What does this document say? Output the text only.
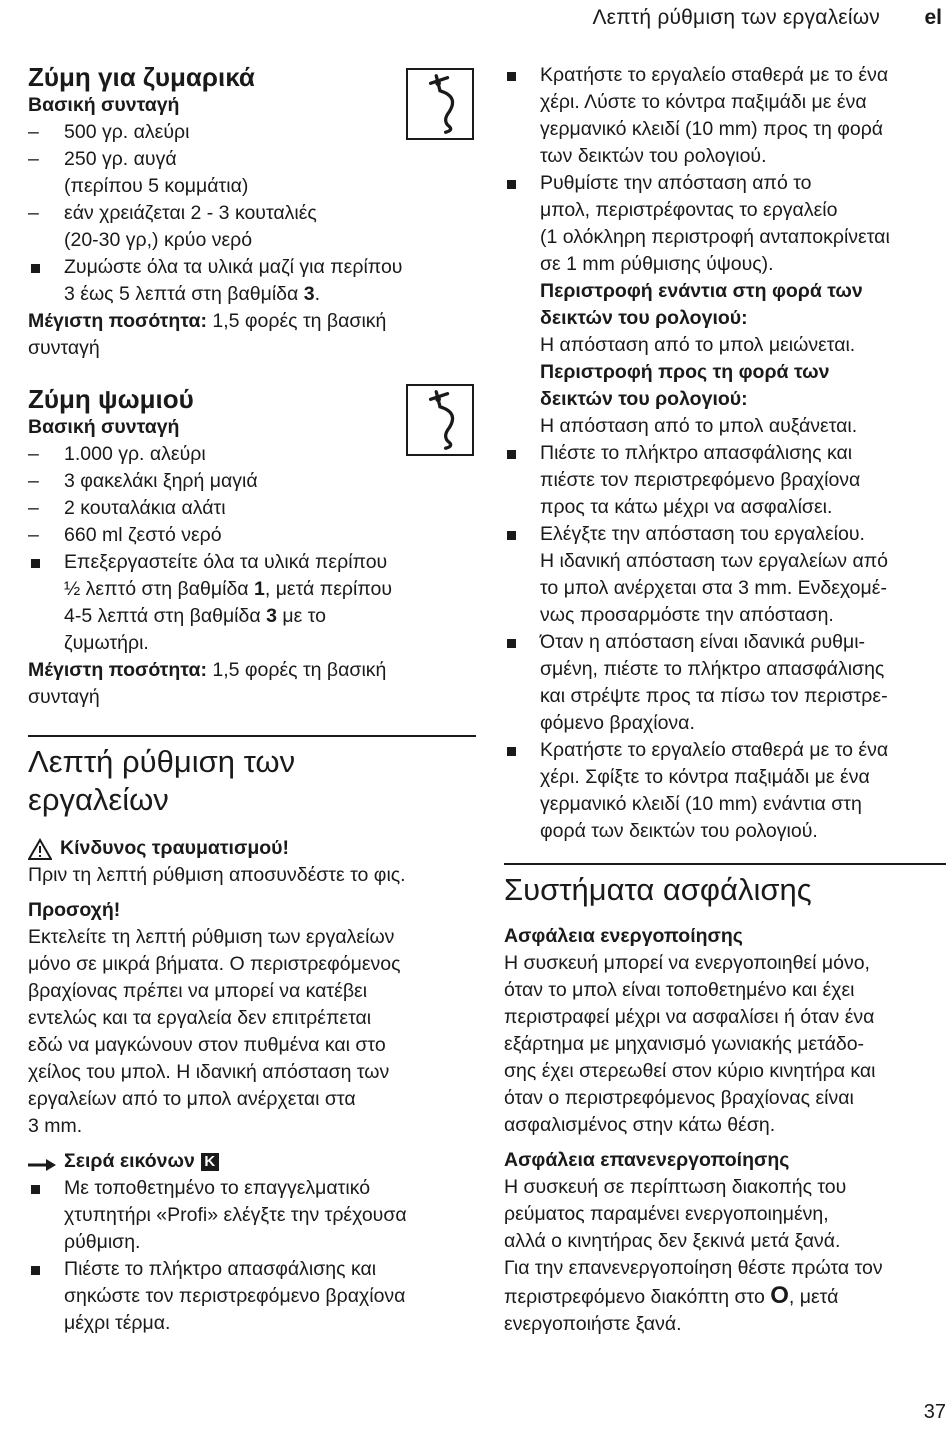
Λεπτή ρύθμιση των εργαλείων el
Ζύμη για ζυμαρικά

Βασική συνταγή

– 500 γρ. αλεύρι
– 250 γρ. αυγά
(περίπου 5 κομμάτια)
– εάν χρειάζεται 2 - 3 κουταλιές
(20-30 γρ,) κρύο νερό
Ζυμώστε όλα τα υλικά μαζί για περίπου
3 έως 5 λεπτά στη βαθμίδα 3.

Μέγιστη ποσότητα: 1,5 φορές τη βασική
συνταγή

Ζύμη ψωμιού

Βασική συνταγή

– 1.000 γρ. αλεύρι
– 3 φακελάκι ξηρή μαγιά
– 2 κουταλάκια αλάτι
– 660 ml ζεστό νερό
Επεξεργαστείτε όλα τα υλικά περίπου
½ λεπτό στη βαθμίδα 1, μετά περίπου
4-5 λεπτά στη βαθμίδα 3 με το
ζυμωτήρι.

Μέγιστη ποσότητα: 1,5 φορές τη βασική
συνταγή

Λεπτή ρύθμιση των
εργαλείων

Κίνδυνος τραυματισμού!

Πριν τη λεπτή ρύθμιση αποσυνδέστε το φις.

Προσοχή!

Εκτελείτε τη λεπτή ρύθμιση των εργαλείων
μόνο σε μικρά βήματα. Ο περιστρεφόμενος
βραχίονας πρέπει να μπορεί να κατέβει
εντελώς και τα εργαλεία δεν επιτρέπεται
εδώ να μαγκώνουν στον πυθμένα και στο
χείλος του μπολ. Η ιδανική απόσταση των
εργαλείων από το μπολ ανέρχεται στα
3 mm.

Σειρά εικόνων K

Με τοποθετημένο το επαγγελματικό
χτυπητήρι «Profi» ελέγξτε την τρέχουσα
ρύθμιση.
Πιέστε το πλήκτρο απασφάλισης και
σηκώστε τον περιστρεφόμενο βραχίονα
μέχρι τέρμα.
Κρατήστε το εργαλείο σταθερά με το ένα
χέρι. Λύστε το κόντρα παξιμάδι με ένα
γερμανικό κλειδί (10 mm) προς τη φορά
των δεικτών του ρολογιού.
Ρυθμίστε την απόσταση από το
μπολ, περιστρέφοντας το εργαλείο
(1 ολόκληρη περιστροφή ανταποκρίνεται
σε 1 mm ρύθμισης ύψους).
Περιστροφή ενάντια στη φορά των
δεικτών του ρολογιού:
Η απόσταση από το μπολ μειώνεται.
Περιστροφή προς τη φορά των
δεικτών του ρολογιού:
Η απόσταση από το μπολ αυξάνεται.
Πιέστε το πλήκτρο απασφάλισης και
πιέστε τον περιστρεφόμενο βραχίονα
προς τα κάτω μέχρι να ασφαλίσει.
Ελέγξτε την απόσταση του εργαλείου.
Η ιδανική απόσταση των εργαλείων από
το μπολ ανέρχεται στα 3 mm. Ενδεχομέ-
νως προσαρμόστε την απόσταση.
Όταν η απόσταση είναι ιδανικά ρυθμι-
σμένη, πιέστε το πλήκτρο απασφάλισης
και στρέψτε προς τα πίσω τον περιστρε-
φόμενο βραχίονα.
Κρατήστε το εργαλείο σταθερά με το ένα
χέρι. Σφίξτε το κόντρα παξιμάδι με ένα
γερμανικό κλειδί (10 mm) ενάντια στη
φορά των δεικτών του ρολογιού.
Συστήματα ασφάλισης

Ασφάλεια ενεργοποίησης

Η συσκευή μπορεί να ενεργοποιηθεί μόνο,
όταν το μπολ είναι τοποθετημένο και έχει
περιστραφεί μέχρι να ασφαλίσει ή όταν ένα
εξάρτημα με μηχανισμό γωνιακής μετάδο-
σης έχει στερεωθεί στον κύριο κινητήρα και
όταν ο περιστρεφόμενος βραχίονας είναι
ασφαλισμένος στην κάτω θέση.

Ασφάλεια επανενεργοποίησης

Η συσκευή σε περίπτωση διακοπής του
ρεύματος παραμένει ενεργοποιημένη,
αλλά ο κινητήρας δεν ξεκινά μετά ξανά.
Για την επανενεργοποίηση θέστε πρώτα τον
περιστρεφόμενο διακόπτη στο O, μετά
ενεργοποιήστε ξανά.

37
